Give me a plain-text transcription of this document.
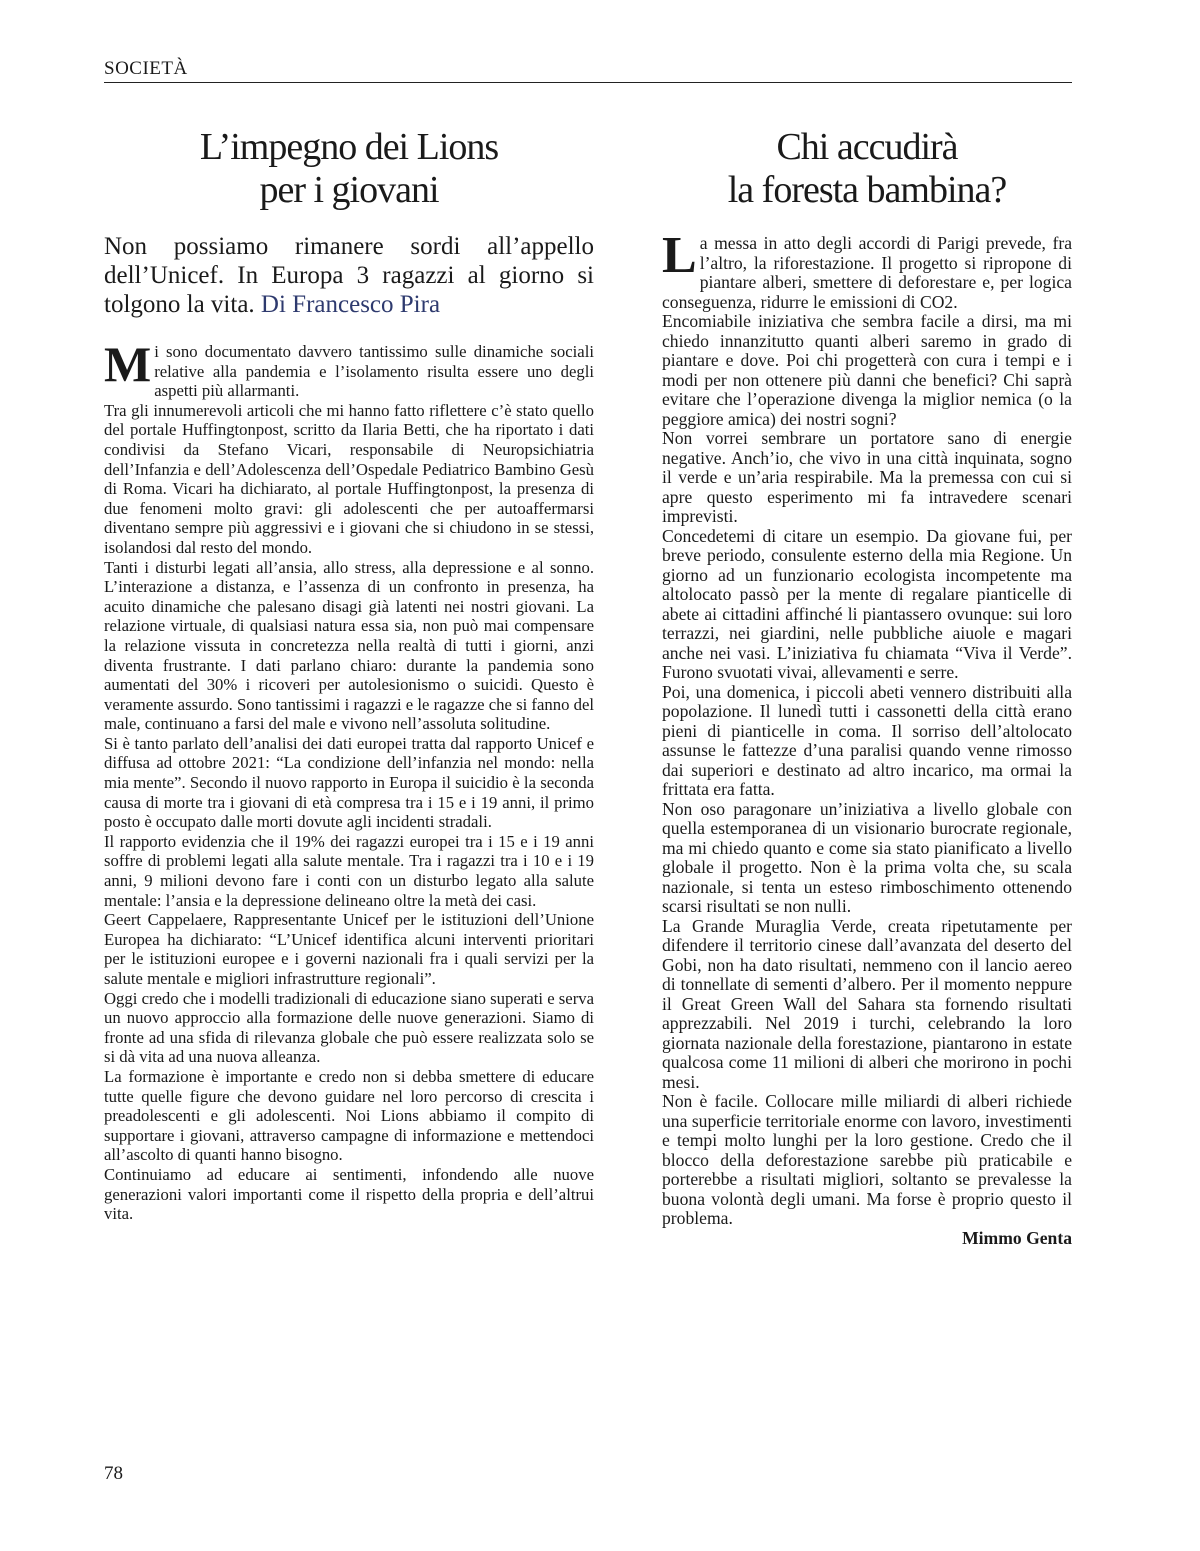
SOCIETÀ
L’impegno dei Lions
per i giovani
Chi accudirà
la foresta bambina?

Non possiamo rimanere sordi all’appello dell’Unicef. In Europa 3 ragazzi al giorno si tolgono la vita. Di Francesco Pira

Mi sono documentato davvero tantissimo sulle dinamiche sociali relative alla pandemia e l’isolamento risulta essere uno degli aspetti più allarmanti.

Tra gli innumerevoli articoli che mi hanno fatto riflettere c’è stato quello del portale Huffingtonpost, scritto da Ilaria Betti, che ha riportato i dati condivisi da Stefano Vicari, responsabile di Neuropsichiatria dell’Infanzia e dell’Adolescenza dell’Ospedale Pediatrico Bambino Gesù di Roma. Vicari ha dichiarato, al portale Huffingtonpost, la presenza di due fenomeni molto gravi: gli adolescenti che per autoaffermarsi diventano sempre più aggressivi e i giovani che si chiudono in se stessi, isolandosi dal resto del mondo.

Tanti i disturbi legati all’ansia, allo stress, alla depressione e al sonno. L’interazione a distanza, e l’assenza di un confronto in presenza, ha acuito dinamiche che palesano disagi già latenti nei nostri giovani. La relazione virtuale, di qualsiasi natura essa sia, non può mai compensare la relazione vissuta in concretezza nella realtà di tutti i giorni, anzi diventa frustrante. I dati parlano chiaro: durante la pandemia sono aumentati del 30% i ricoveri per autolesionismo o suicidi. Questo è veramente assurdo. Sono tantissimi i ragazzi e le ragazze che si fanno del male, continuano a farsi del male e vivono nell’assoluta solitudine.

Si è tanto parlato dell’analisi dei dati europei tratta dal rapporto Unicef e diffusa ad ottobre 2021: “La condizione dell’infanzia nel mondo: nella mia mente”. Secondo il nuovo rapporto in Europa il suicidio è la seconda causa di morte tra i giovani di età compresa tra i 15 e i 19 anni, il primo posto è occupato dalle morti dovute agli incidenti stradali.

Il rapporto evidenzia che il 19% dei ragazzi europei tra i 15 e i 19 anni soffre di problemi legati alla salute mentale. Tra i ragazzi tra i 10 e i 19 anni, 9 milioni devono fare i conti con un disturbo legato alla salute mentale: l’ansia e la depressione delineano oltre la metà dei casi.

Geert Cappelaere, Rappresentante Unicef per le istituzioni dell’Unione Europea ha dichiarato: “L’Unicef identifica alcuni interventi prioritari per le istituzioni europee e i governi nazionali fra i quali servizi per la salute mentale e migliori infrastrutture regionali”.

Oggi credo che i modelli tradizionali di educazione siano superati e serva un nuovo approccio alla formazione delle nuove generazioni. Siamo di fronte ad una sfida di rilevanza globale che può essere realizzata solo se si dà vita ad una nuova alleanza.

La formazione è importante e credo non si debba smettere di educare tutte quelle figure che devono guidare nel loro percorso di crescita i preadolescenti e gli adolescenti. Noi Lions abbiamo il compito di supportare i giovani, attraverso campagne di informazione e mettendoci all’ascolto di quanti hanno bisogno.

Continuiamo ad educare ai sentimenti, infondendo alle nuove generazioni valori importanti come il rispetto della propria e dell’altrui vita.

La messa in atto degli accordi di Parigi prevede, fra l’altro, la riforestazione. Il progetto si ripropone di piantare alberi, smettere di deforestare e, per logica conseguenza, ridurre le emissioni di CO2.

Encomiabile iniziativa che sembra facile a dirsi, ma mi chiedo innanzitutto quanti alberi saremo in grado di piantare e dove. Poi chi progetterà con cura i tempi e i modi per non ottenere più danni che benefici? Chi saprà evitare che l’operazione divenga la miglior nemica (o la peggiore amica) dei nostri sogni?

Non vorrei sembrare un portatore sano di energie negative. Anch’io, che vivo in una città inquinata, sogno il verde e un’aria respirabile. Ma la premessa con cui si apre questo esperimento mi fa intravedere scenari imprevisti.

Concedetemi di citare un esempio. Da giovane fui, per breve periodo, consulente esterno della mia Regione. Un giorno ad un funzionario ecologista incompetente ma altolocato passò per la mente di regalare pianticelle di abete ai cittadini affinché li piantassero ovunque: sui loro terrazzi, nei giardini, nelle pubbliche aiuole e magari anche nei vasi. L’iniziativa fu chiamata “Viva il Verde”. Furono svuotati vivai, allevamenti e serre.

Poi, una domenica, i piccoli abeti vennero distribuiti alla popolazione. Il lunedì tutti i cassonetti della città erano pieni di pianticelle in coma. Il sorriso dell’altolocato assunse le fattezze d’una paralisi quando venne rimosso dai superiori e destinato ad altro incarico, ma ormai la frittata era fatta.

Non oso paragonare un’iniziativa a livello globale con quella estemporanea di un visionario burocrate regionale, ma mi chiedo quanto e come sia stato pianificato a livello globale il progetto. Non è la prima volta che, su scala nazionale, si tenta un esteso rimboschimento ottenendo scarsi risultati se non nulli.

La Grande Muraglia Verde, creata ripetutamente per difendere il territorio cinese dall’avanzata del deserto del Gobi, non ha dato risultati, nemmeno con il lancio aereo di tonnellate di sementi d’albero. Per il momento neppure il Great Green Wall del Sahara sta fornendo risultati apprezzabili. Nel 2019 i turchi, celebrando la loro giornata nazionale della forestazione, piantarono in estate qualcosa come 11 milioni di alberi che morirono in pochi mesi.

Non è facile. Collocare mille miliardi di alberi richiede una superficie territoriale enorme con lavoro, investimenti e tempi molto lunghi per la loro gestione. Credo che il blocco della deforestazione sarebbe più praticabile e porterebbe a risultati migliori, soltanto se prevalesse la buona volontà degli umani. Ma forse è proprio questo il problema.

Mimmo Genta

78
